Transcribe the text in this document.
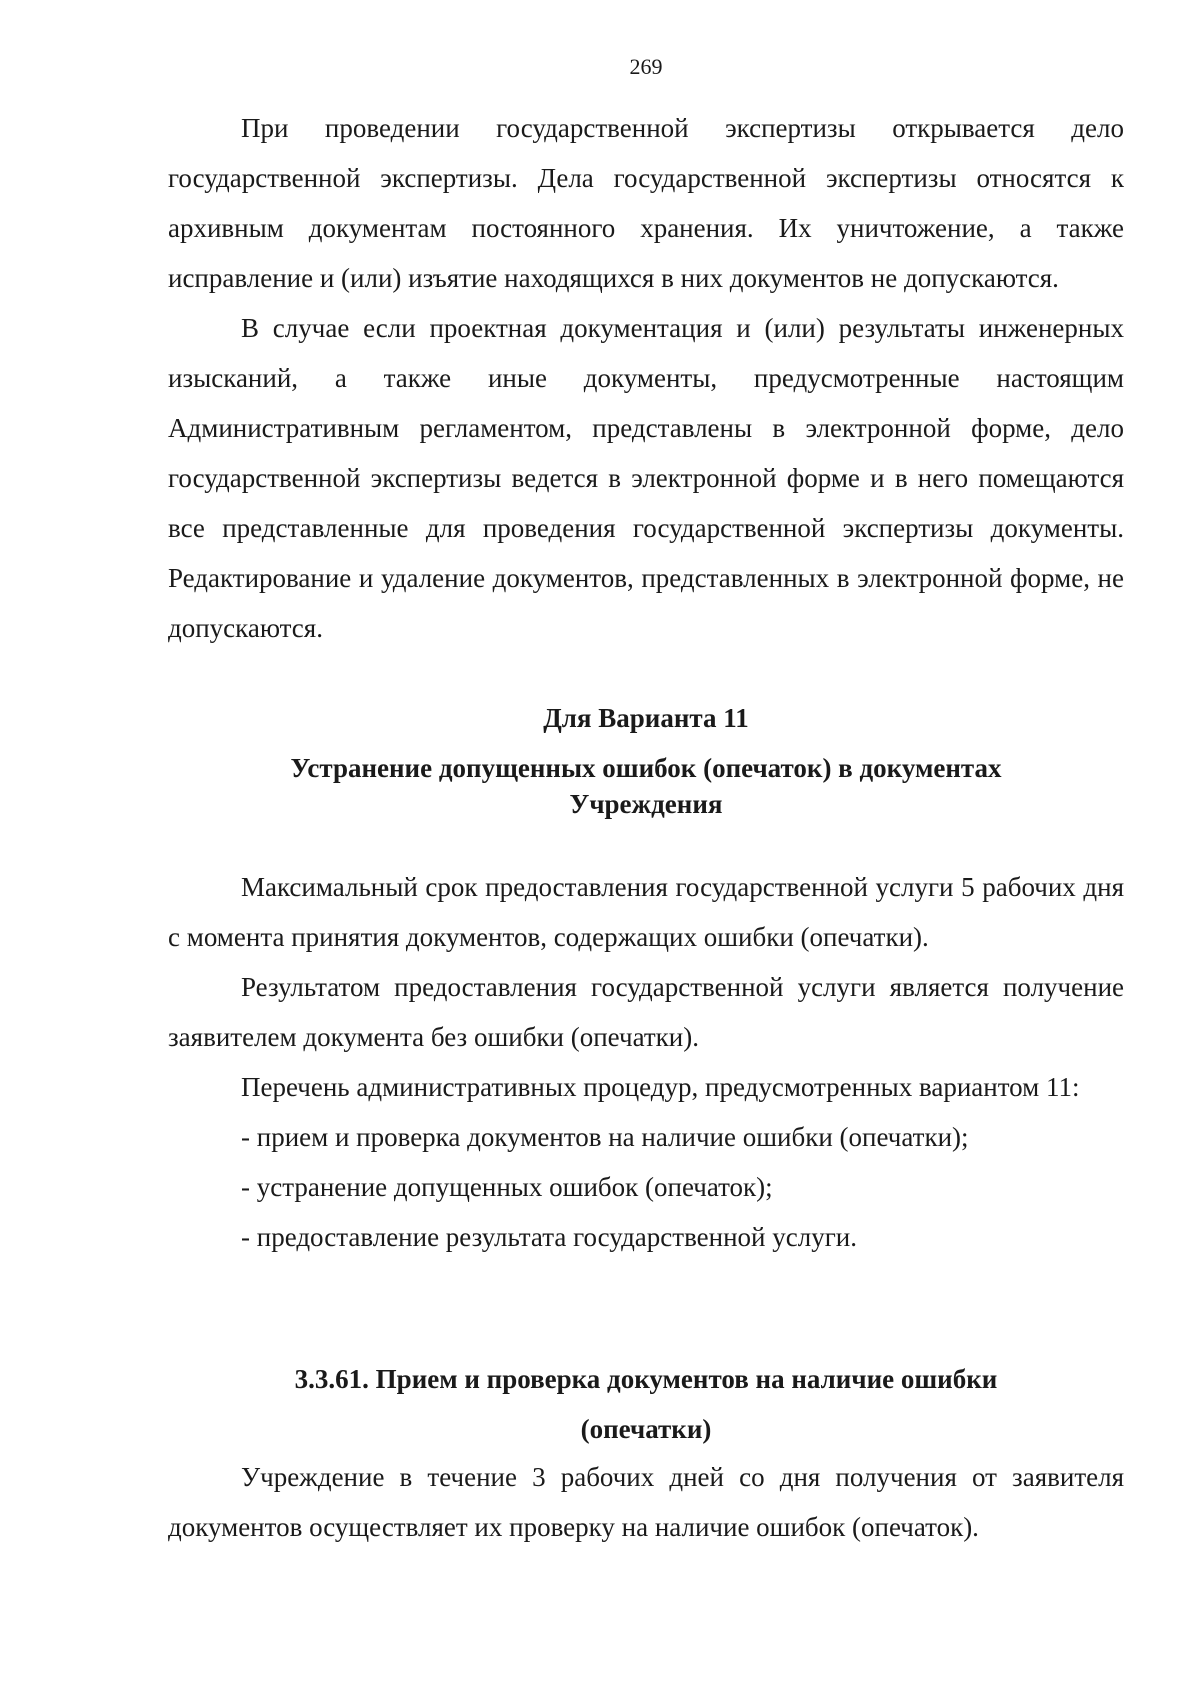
269

При проведении государственной экспертизы открывается дело государственной экспертизы. Дела государственной экспертизы относятся к архивным документам постоянного хранения. Их уничтожение, а также исправление и (или) изъятие находящихся в них документов не допускаются.

В случае если проектная документация и (или) результаты инженерных изысканий, а также иные документы, предусмотренные настоящим Административным регламентом, представлены в электронной форме, дело государственной экспертизы ведется в электронной форме и в него помещаются все представленные для проведения государственной экспертизы документы. Редактирование и удаление документов, представленных в электронной форме, не допускаются.

Для Варианта 11

Устранение допущенных ошибок (опечаток) в документах
Учреждения

Максимальный срок предоставления государственной услуги 5 рабочих дня с момента принятия документов, содержащих ошибки (опечатки).

Результатом предоставления государственной услуги является получение заявителем документа без ошибки (опечатки).

Перечень административных процедур, предусмотренных вариантом 11:

- прием и проверка документов на наличие ошибки (опечатки);

- устранение допущенных ошибок (опечаток);

- предоставление результата государственной услуги.

3.3.61. Прием и проверка документов на наличие ошибки
(опечатки)

Учреждение в течение 3 рабочих дней со дня получения от заявителя документов осуществляет их проверку на наличие ошибок (опечаток).
